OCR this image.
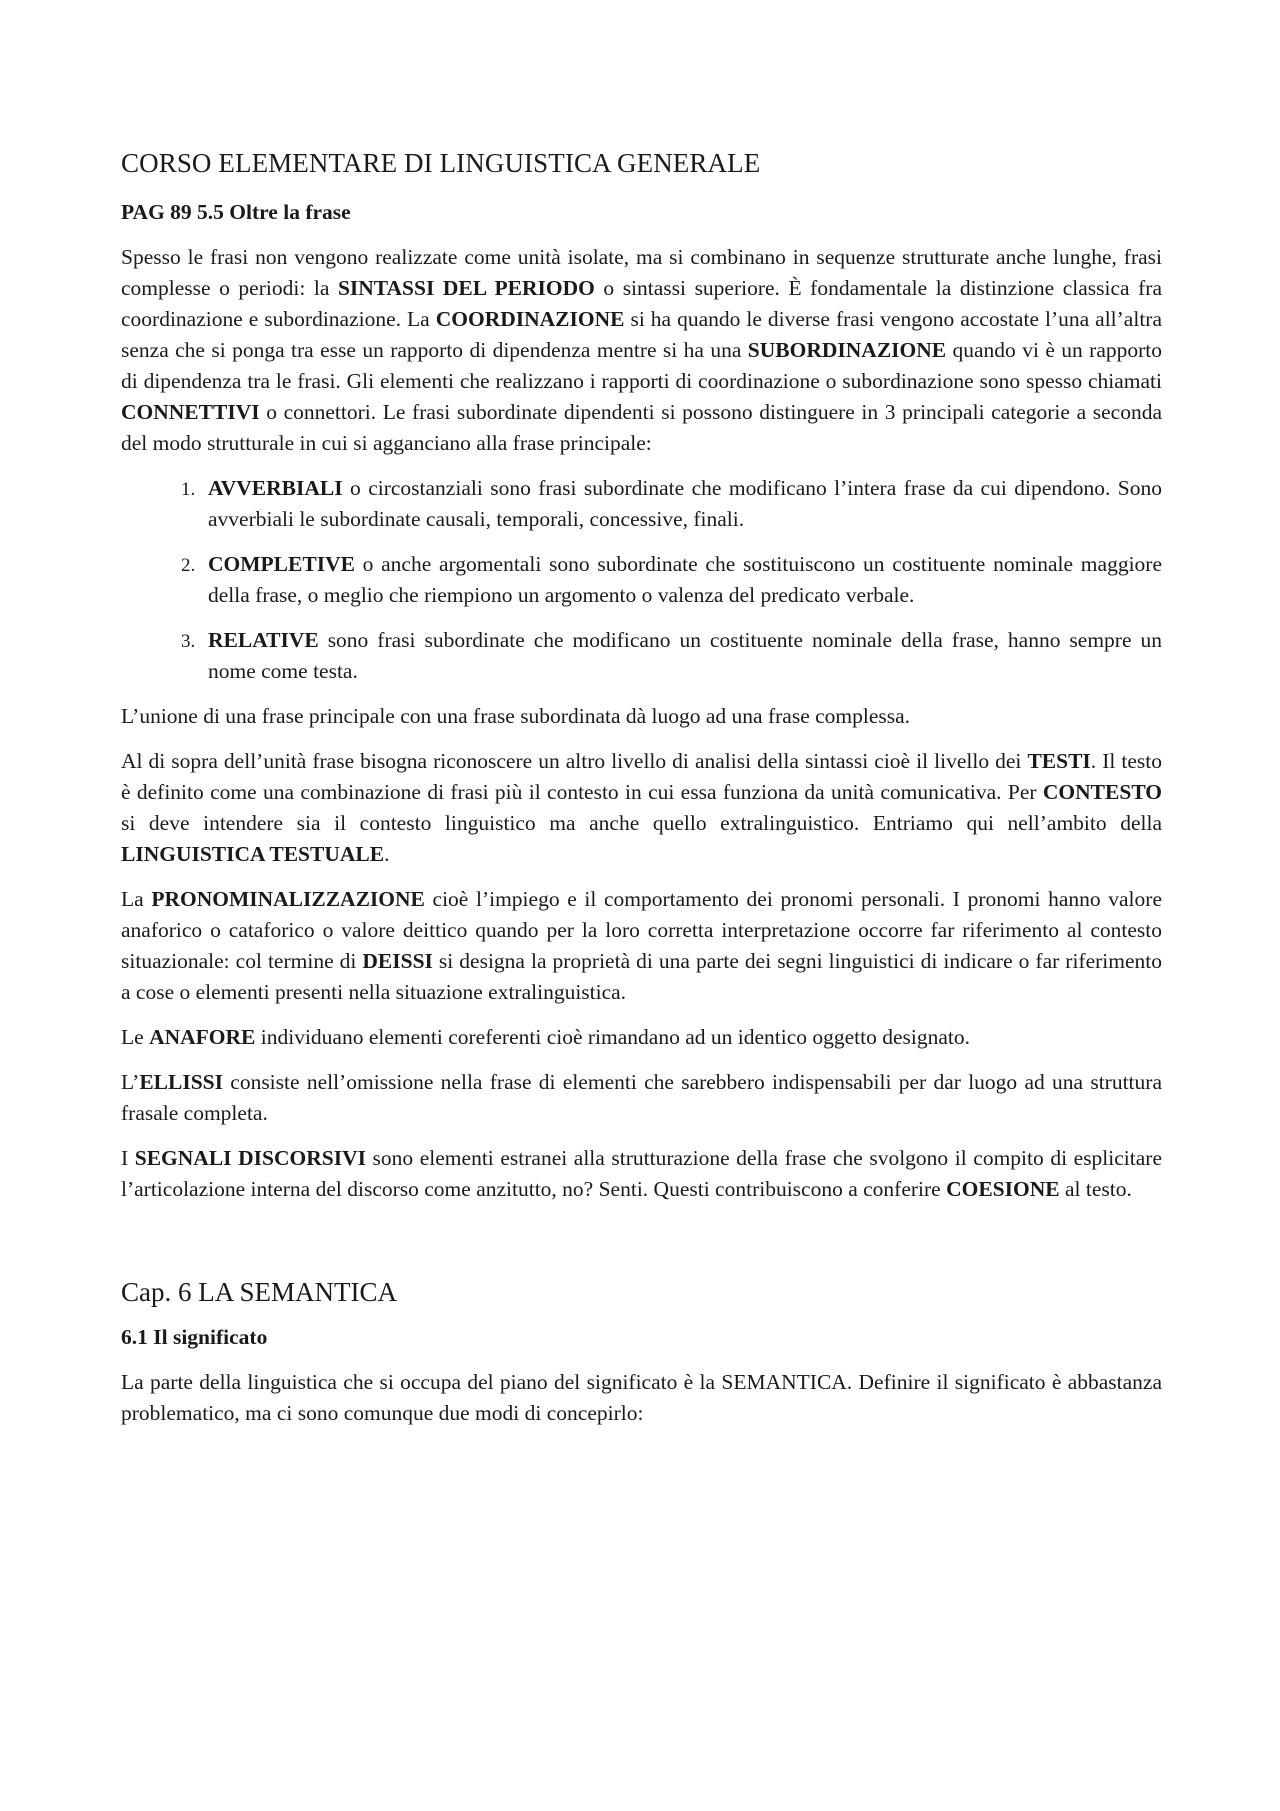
CORSO ELEMENTARE DI LINGUISTICA GENERALE
PAG 89 5.5 Oltre la frase

Spesso le frasi non vengono realizzate come unità isolate, ma si combinano in sequenze strutturate anche lunghe, frasi complesse o periodi: la SINTASSI DEL PERIODO o sintassi superiore. È fondamentale la distinzione classica fra coordinazione e subordinazione. La COORDINAZIONE si ha quando le diverse frasi vengono accostate l’una all’altra senza che si ponga tra esse un rapporto di dipendenza mentre si ha una SUBORDINAZIONE quando vi è un rapporto di dipendenza tra le frasi. Gli elementi che realizzano i rapporti di coordinazione o subordinazione sono spesso chiamati CONNETTIVI o connettori. Le frasi subordinate dipendenti si possono distinguere in 3 principali categorie a seconda del modo strutturale in cui si agganciano alla frase principale:

1. AVVERBIALI o circostanziali sono frasi subordinate che modificano l’intera frase da cui dipendono. Sono avverbiali le subordinate causali, temporali, concessive, finali.
2. COMPLETIVE o anche argomentali sono subordinate che sostituiscono un costituente nominale maggiore della frase, o meglio che riempiono un argomento o valenza del predicato verbale.
3. RELATIVE sono frasi subordinate che modificano un costituente nominale della frase, hanno sempre un nome come testa.

L’unione di una frase principale con una frase subordinata dà luogo ad una frase complessa.

Al di sopra dell’unità frase bisogna riconoscere un altro livello di analisi della sintassi cioè il livello dei TESTI. Il testo è definito come una combinazione di frasi più il contesto in cui essa funziona da unità comunicativa. Per CONTESTO si deve intendere sia il contesto linguistico ma anche quello extralinguistico. Entriamo qui nell’ambito della LINGUISTICA TESTUALE.

La PRONOMINALIZZAZIONE cioè l’impiego e il comportamento dei pronomi personali. I pronomi hanno valore anaforico o cataforico o valore deittico quando per la loro corretta interpretazione occorre far riferimento al contesto situazionale: col termine di DEISSI si designa la proprietà di una parte dei segni linguistici di indicare o far riferimento a cose o elementi presenti nella situazione extralinguistica.

Le ANAFORE individuano elementi coreferenti cioè rimandano ad un identico oggetto designato.

L’ELLISSI consiste nell’omissione nella frase di elementi che sarebbero indispensabili per dar luogo ad una struttura frasale completa.

I SEGNALI DISCORSIVI sono elementi estranei alla strutturazione della frase che svolgono il compito di esplicitare l’articolazione interna del discorso come anzitutto, no? Senti. Questi contribuiscono a conferire COESIONE al testo.

Cap. 6 LA SEMANTICA
6.1 Il significato

La parte della linguistica che si occupa del piano del significato è la SEMANTICA. Definire il significato è abbastanza problematico, ma ci sono comunque due modi di concepirlo:
